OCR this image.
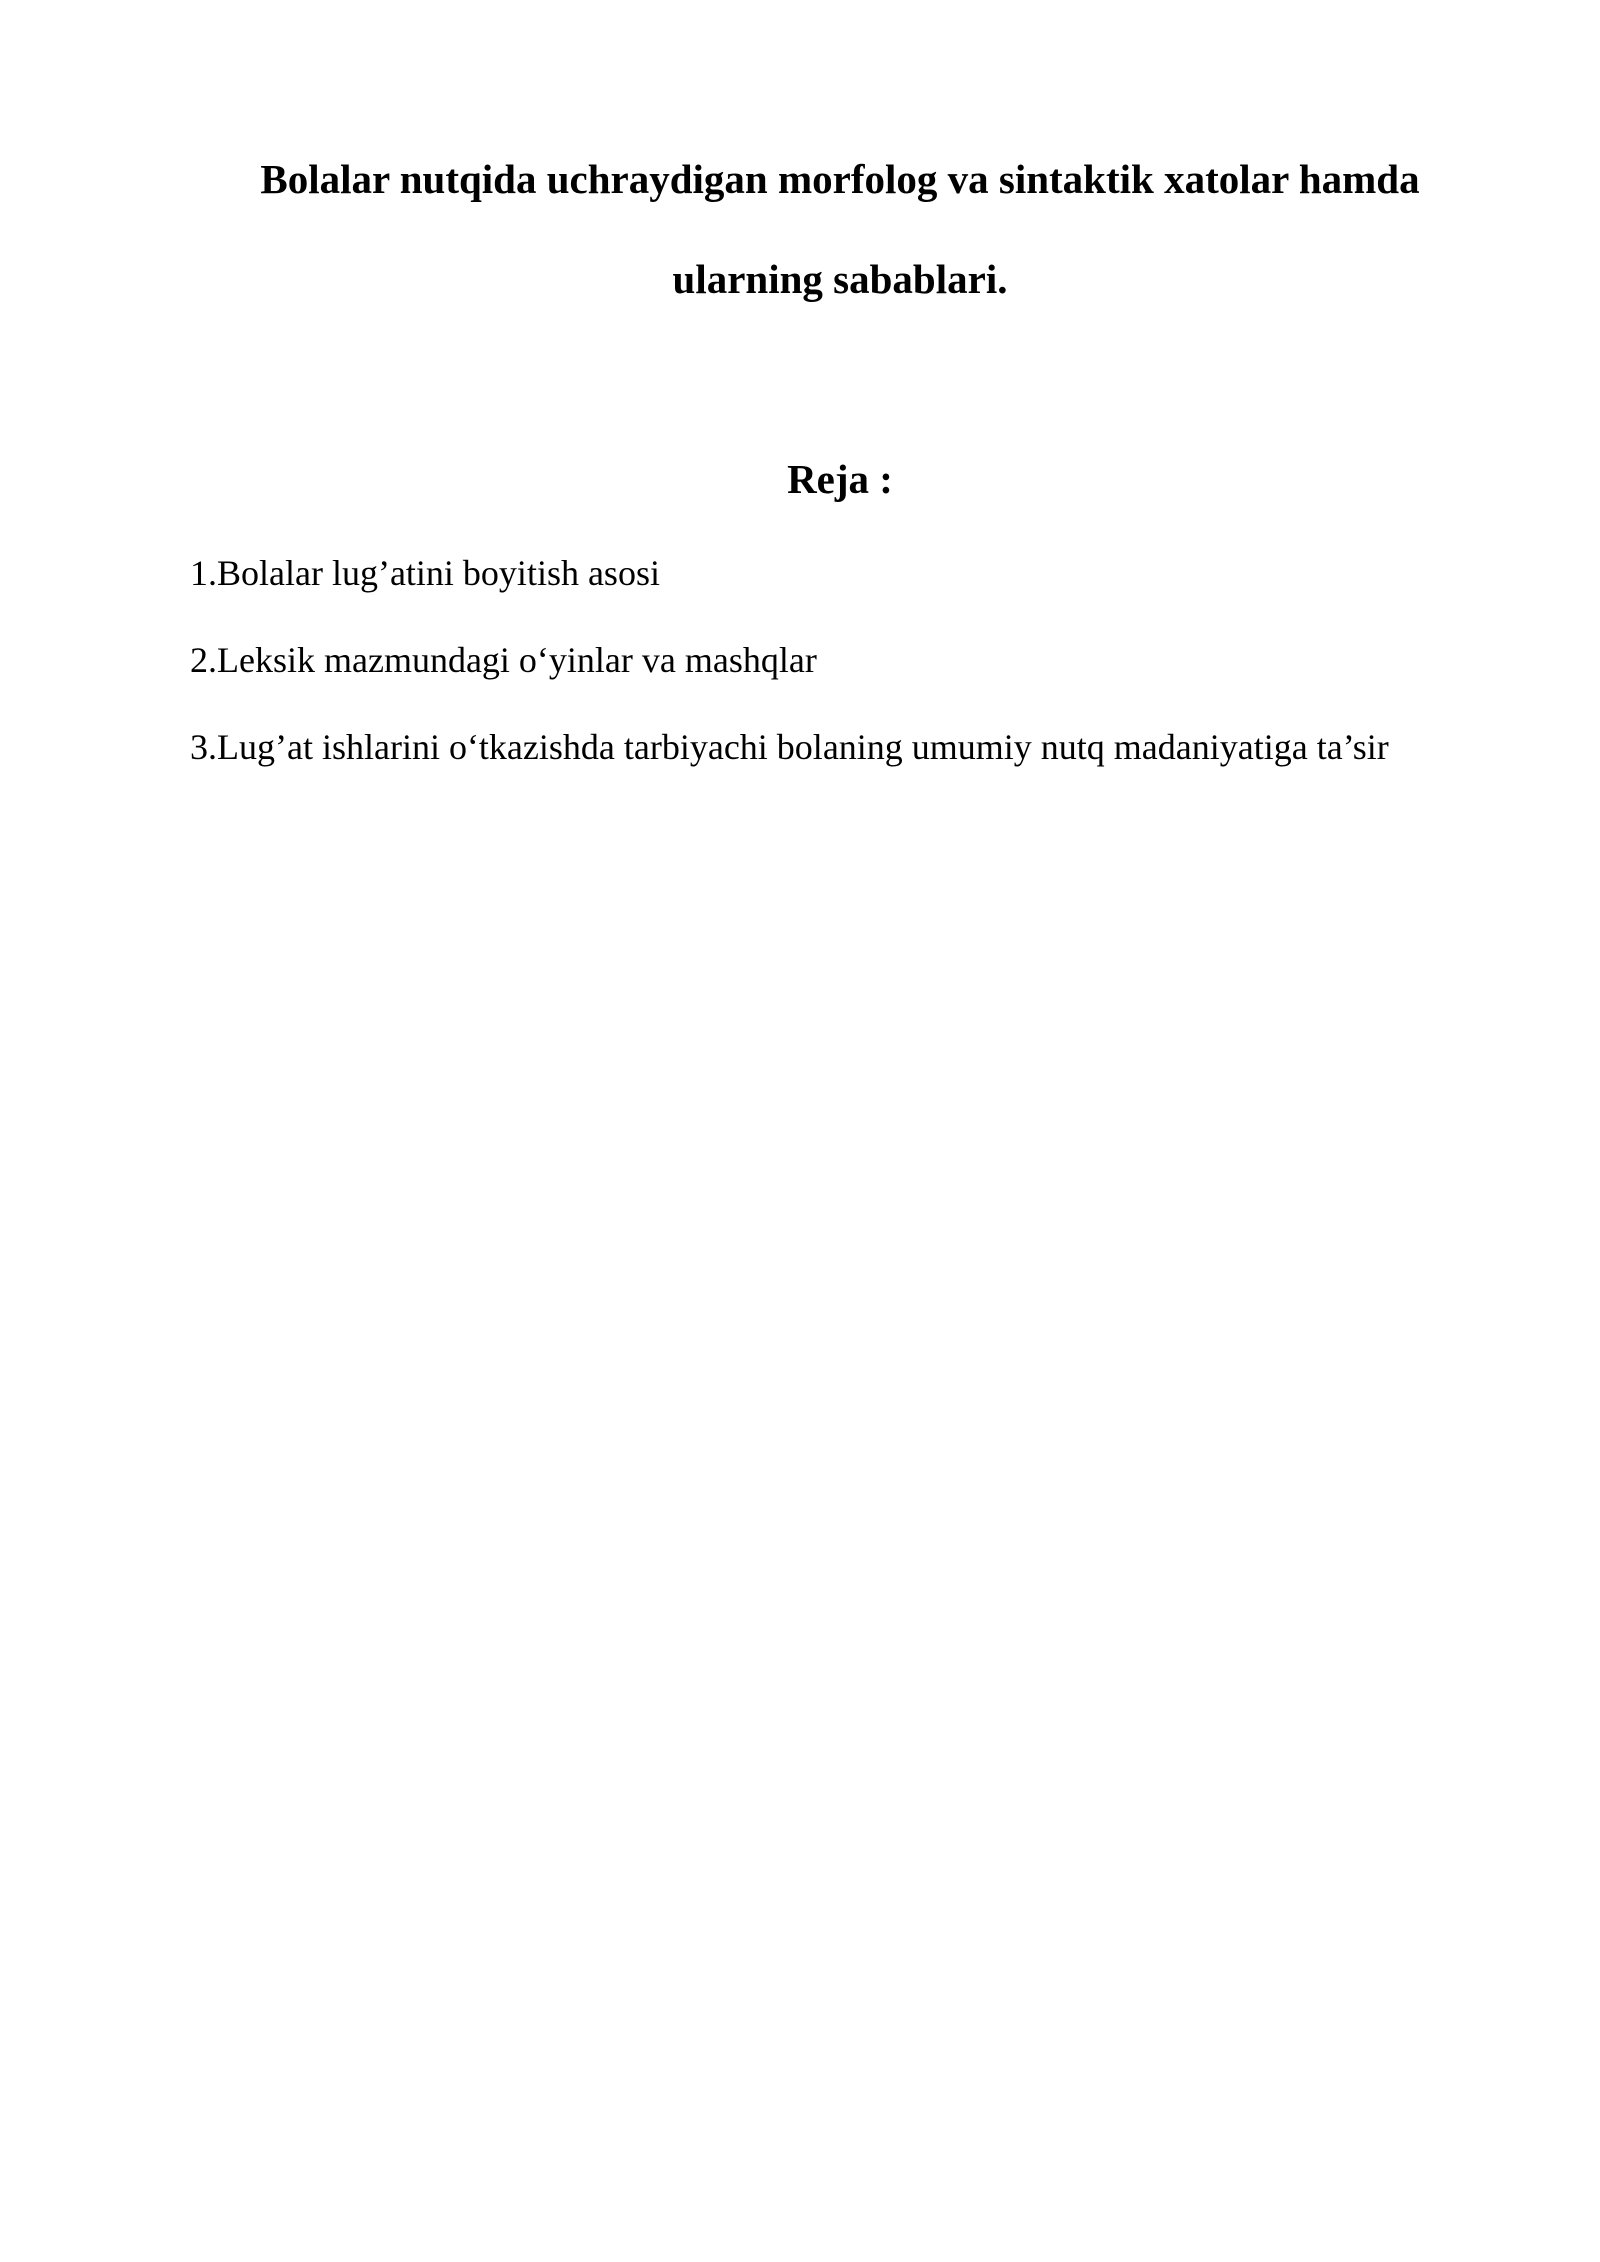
Bolalar nutqida uchraydigan morfolog va sintaktik xatolar hamda
ularning sabablari.
Reja :
1.Bolalar lug’atini boyitish asosi
2.Leksik mazmundagi o‘yinlar va mashqlar
3.Lug’at ishlarini o‘tkazishda tarbiyachi bolaning umumiy nutq madaniyatiga ta’sir
